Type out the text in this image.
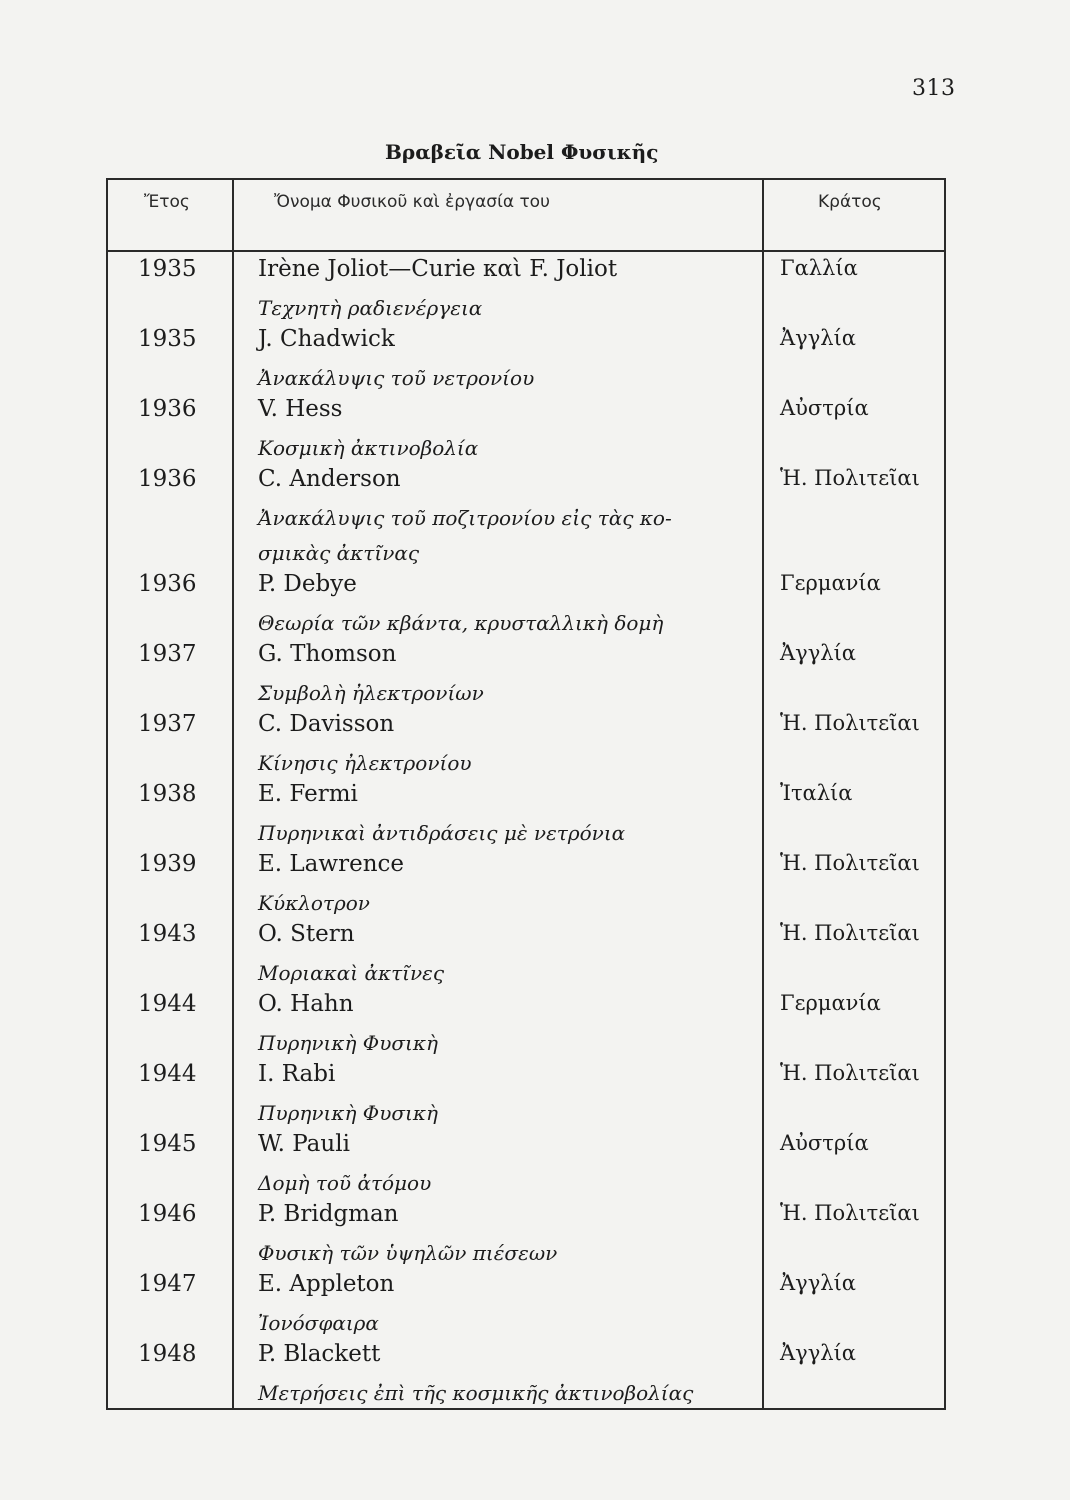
313
Βραβεῖα Nobel Φυσικῆς
Ἔτος	Ὄνομα Φυσικοῦ καὶ ἐργασία του	Κράτος
1935	Irène Joliot—Curie καὶ F. Joliot	Γαλλία
Τεχνητὴ ραδιενέργεια
1935	J. Chadwick	Ἀγγλία
Ἀνακάλυψις τοῦ νετρονίου
1936	V. Hess	Αὐστρία
Κοσμικὴ ἀκτινοβολία
1936	C. Anderson	Ἡ. Πολιτεῖαι
Ἀνακάλυψις τοῦ ποζιτρονίου εἰς τὰς κο-σμικὰς ἀκτῖνας
1936	P. Debye	Γερμανία
Θεωρία τῶν κβάντα, κρυσταλλικὴ δομὴ
1937	G. Thomson	Ἀγγλία
Συμβολὴ ἠλεκτρονίων
1937	C. Davisson	Ἡ. Πολιτεῖαι
Κίνησις ἠλεκτρονίου
1938	E. Fermi	Ἰταλία
Πυρηνικαὶ ἀντιδράσεις μὲ νετρόνια
1939	E. Lawrence	Ἡ. Πολιτεῖαι
Κύκλοτρον
1943	O. Stern	Ἡ. Πολιτεῖαι
Μοριακαὶ ἀκτῖνες
1944	O. Hahn	Γερμανία
Πυρηνικὴ Φυσικὴ
1944	I. Rabi	Ἡ. Πολιτεῖαι
Πυρηνικὴ Φυσικὴ
1945	W. Pauli	Αὐστρία
Δομὴ τοῦ ἀτόμου
1946	P. Bridgman	Ἡ. Πολιτεῖαι
Φυσικὴ τῶν ὑψηλῶν πιέσεων
1947	E. Appleton	Ἀγγλία
Ἰονόσφαιρα
1948	P. Blackett	Ἀγγλία
Μετρήσεις ἐπὶ τῆς κοσμικῆς ἀκτινοβολίας
